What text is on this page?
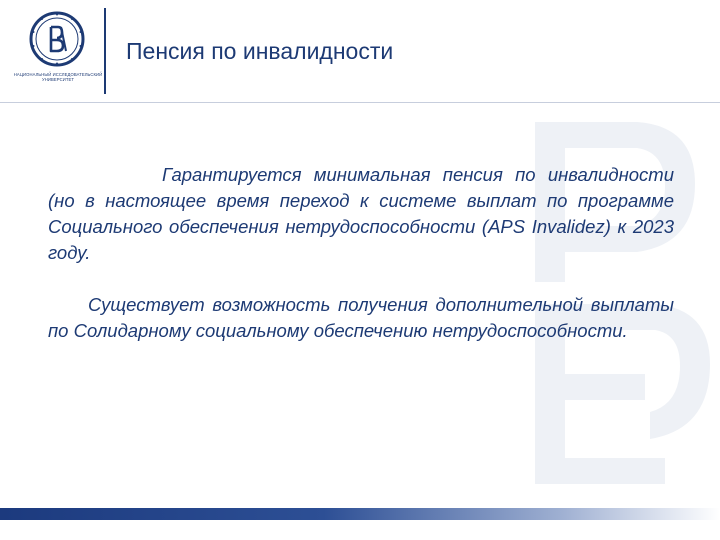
НАЦИОНАЛЬНЫЙ ИССЛЕДОВАТЕЛЬСКИЙ
УНИВЕРСИТЕТ
Пенсия по инвалидности

Гарантируется минимальная пенсия по инвалидности (но в настоящее время переход к системе выплат по программе Социального обеспечения нетрудоспособности (APS Invalidez) к 2023 году.

Существует возможность получения дополнительной выплаты по Солидарному социальному обеспечению нетрудоспособности.
